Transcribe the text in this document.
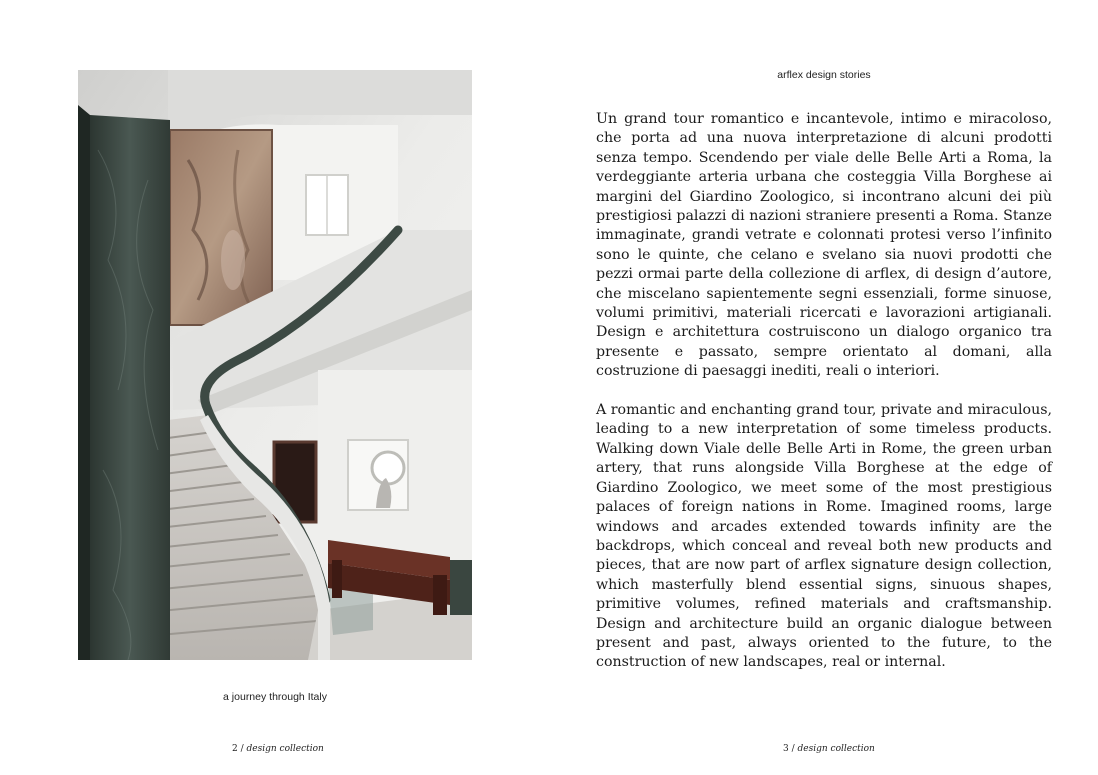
a journey through Italy
2 / design collection
arflex design stories

Un grand tour romantico e incantevole, intimo e miracoloso, che porta ad una nuova interpretazione di alcuni prodotti senza tempo. Scendendo per viale delle Belle Arti a Roma, la verdeggiante arteria urbana che costeggia Villa Borghese ai margini del Giardino Zoologico, si incontrano alcuni dei più prestigiosi palazzi di nazioni straniere presenti a Roma. Stanze immaginate, grandi vetrate e colonnati protesi verso l’infinito sono le quinte, che celano e svelano sia nuovi prodotti che pezzi ormai parte della collezione di arflex, di design d’autore, che miscelano sapientemente segni essenziali, forme sinuose, volumi primitivi, materiali ricercati e lavorazioni artigianali. Design e architettura costruiscono un dialogo organico tra presente e passato, sempre orientato al domani, alla costruzione di paesaggi inediti, reali o interiori.

A romantic and enchanting grand tour, private and miraculous, leading to a new interpretation of some timeless products. Walking down Viale delle Belle Arti in Rome, the green urban artery, that runs alongside Villa Borghese at the edge of Giardino Zoologico, we meet some of the most prestigious palaces of foreign nations in Rome. Imagined rooms, large windows and arcades extended towards infinity are the backdrops, which conceal and reveal both new products and pieces, that are now part of arflex signature design collection, which masterfully blend essential signs, sinuous shapes, primitive volumes, refined materials and craftsmanship. Design and architecture build an organic dialogue between present and past, always oriented to the future, to the construction of new landscapes, real or internal.

3 / design collection
